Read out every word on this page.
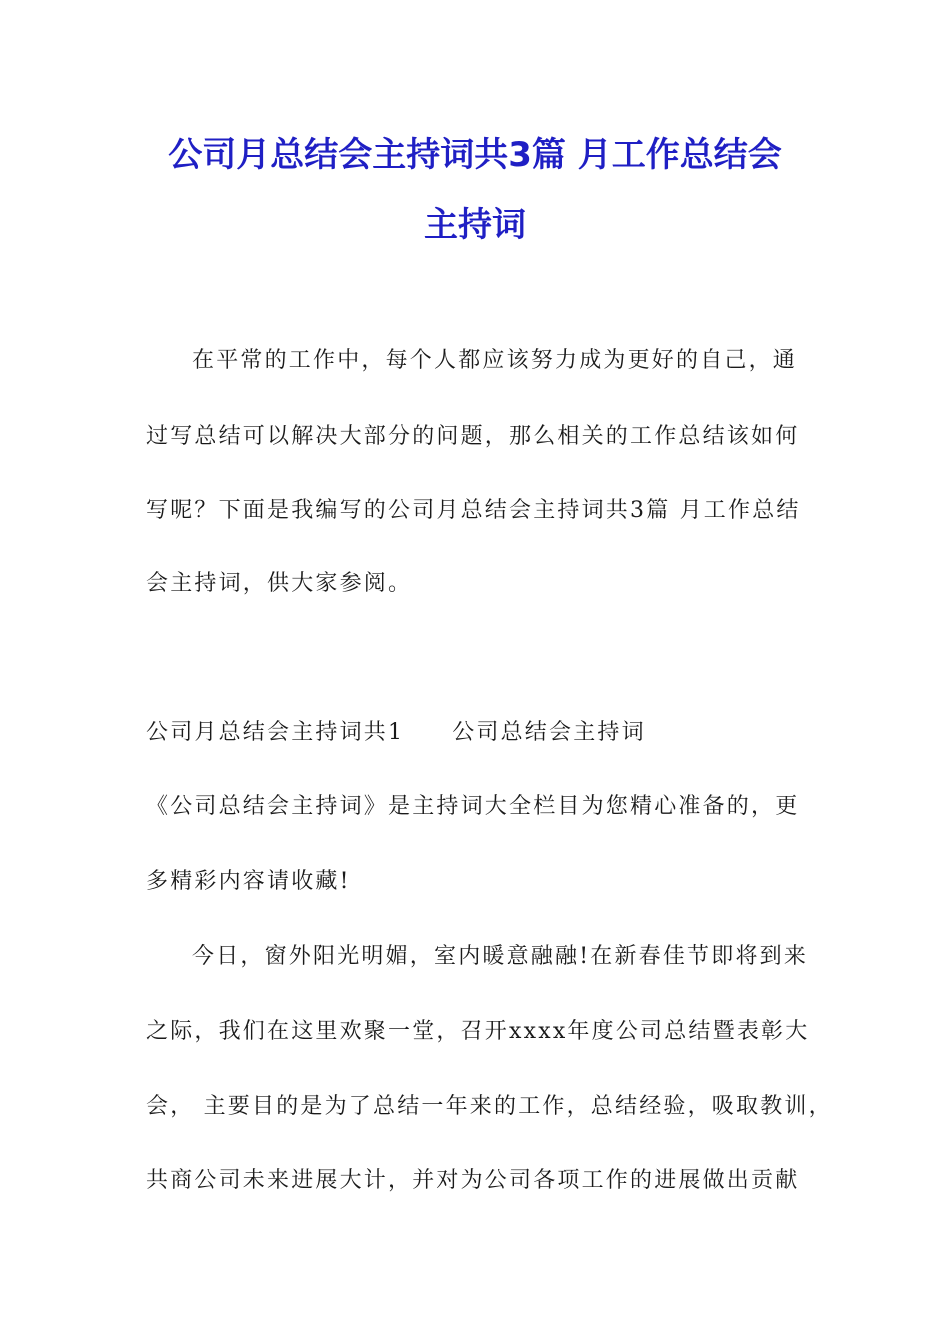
公司月总结会主持词共3篇 月工作总结会
主持词
在平常的工作中，每个人都应该努力成为更好的自己，通
过写总结可以解决大部分的问题，那么相关的工作总结该如何
写呢？下面是我编写的公司月总结会主持词共3篇 月工作总结
会主持词，供大家参阅。
公司月总结会主持词共1 公司总结会主持词
《公司总结会主持词》是主持词大全栏目为您精心准备的，更
多精彩内容请收藏!
今日，窗外阳光明媚，室内暖意融融!在新春佳节即将到来
之际，我们在这里欢聚一堂，召开xxxx年度公司总结暨表彰大
会， 主要目的是为了总结一年来的工作，总结经验，吸取教训，
共商公司未来进展大计，并对为公司各项工作的进展做出贡献
